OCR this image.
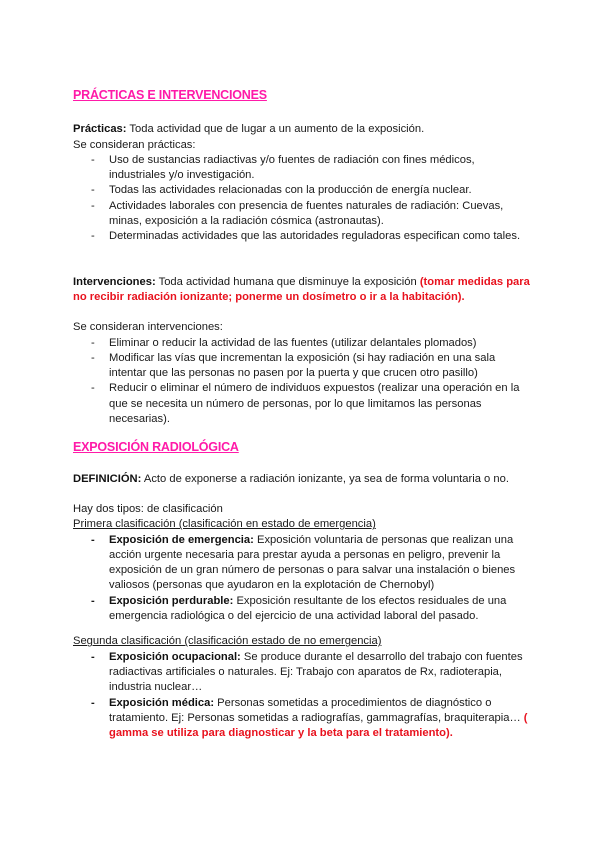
PRÁCTICAS E INTERVENCIONES

Prácticas: Toda actividad que de lugar a un aumento de la exposición.

Se consideran prácticas:

- Uso de sustancias radiactivas y/o fuentes de radiación con fines médicos, industriales y/o investigación.
- Todas las actividades relacionadas con la producción de energía nuclear.
- Actividades laborales con presencia de fuentes naturales de radiación: Cuevas, minas, exposición a la radiación cósmica (astronautas).
- Determinadas actividades que las autoridades reguladoras especifican como tales.

Intervenciones: Toda actividad humana que disminuye la exposición (tomar medidas para no recibir radiación ionizante; ponerme un dosímetro o ir a la habitación).

Se consideran intervenciones:

- Eliminar o reducir la actividad de las fuentes (utilizar delantales plomados)
- Modificar las vías que incrementan la exposición (si hay radiación en una sala intentar que las personas no pasen por la puerta y que crucen otro pasillo)
- Reducir o eliminar el número de individuos expuestos (realizar una operación en la que se necesita un número de personas, por lo que limitamos las personas necesarias).
EXPOSICIÓN RADIOLÓGICA

DEFINICIÓN: Acto de exponerse a radiación ionizante, ya sea de forma voluntaria o no.

Hay dos tipos: de clasificación

Primera clasificación (clasificación en estado de emergencia)

- Exposición de emergencia: Exposición voluntaria de personas que realizan una acción urgente necesaria para prestar ayuda a personas en peligro, prevenir la exposición de un gran número de personas o para salvar una instalación o bienes valiosos (personas que ayudaron en la explotación de Chernobyl)
- Exposición perdurable: Exposición resultante de los efectos residuales de una emergencia radiológica o del ejercicio de una actividad laboral del pasado.

Segunda clasificación (clasificación estado de no emergencia)

- Exposición ocupacional: Se produce durante el desarrollo del trabajo con fuentes radiactivas artificiales o naturales. Ej: Trabajo con aparatos de Rx, radioterapia, industria nuclear…
- Exposición médica: Personas sometidas a procedimientos de diagnóstico o tratamiento. Ej: Personas sometidas a radiografías, gammagrafías, braquiterapia… ( gamma se utiliza para diagnosticar y la beta para el tratamiento).
